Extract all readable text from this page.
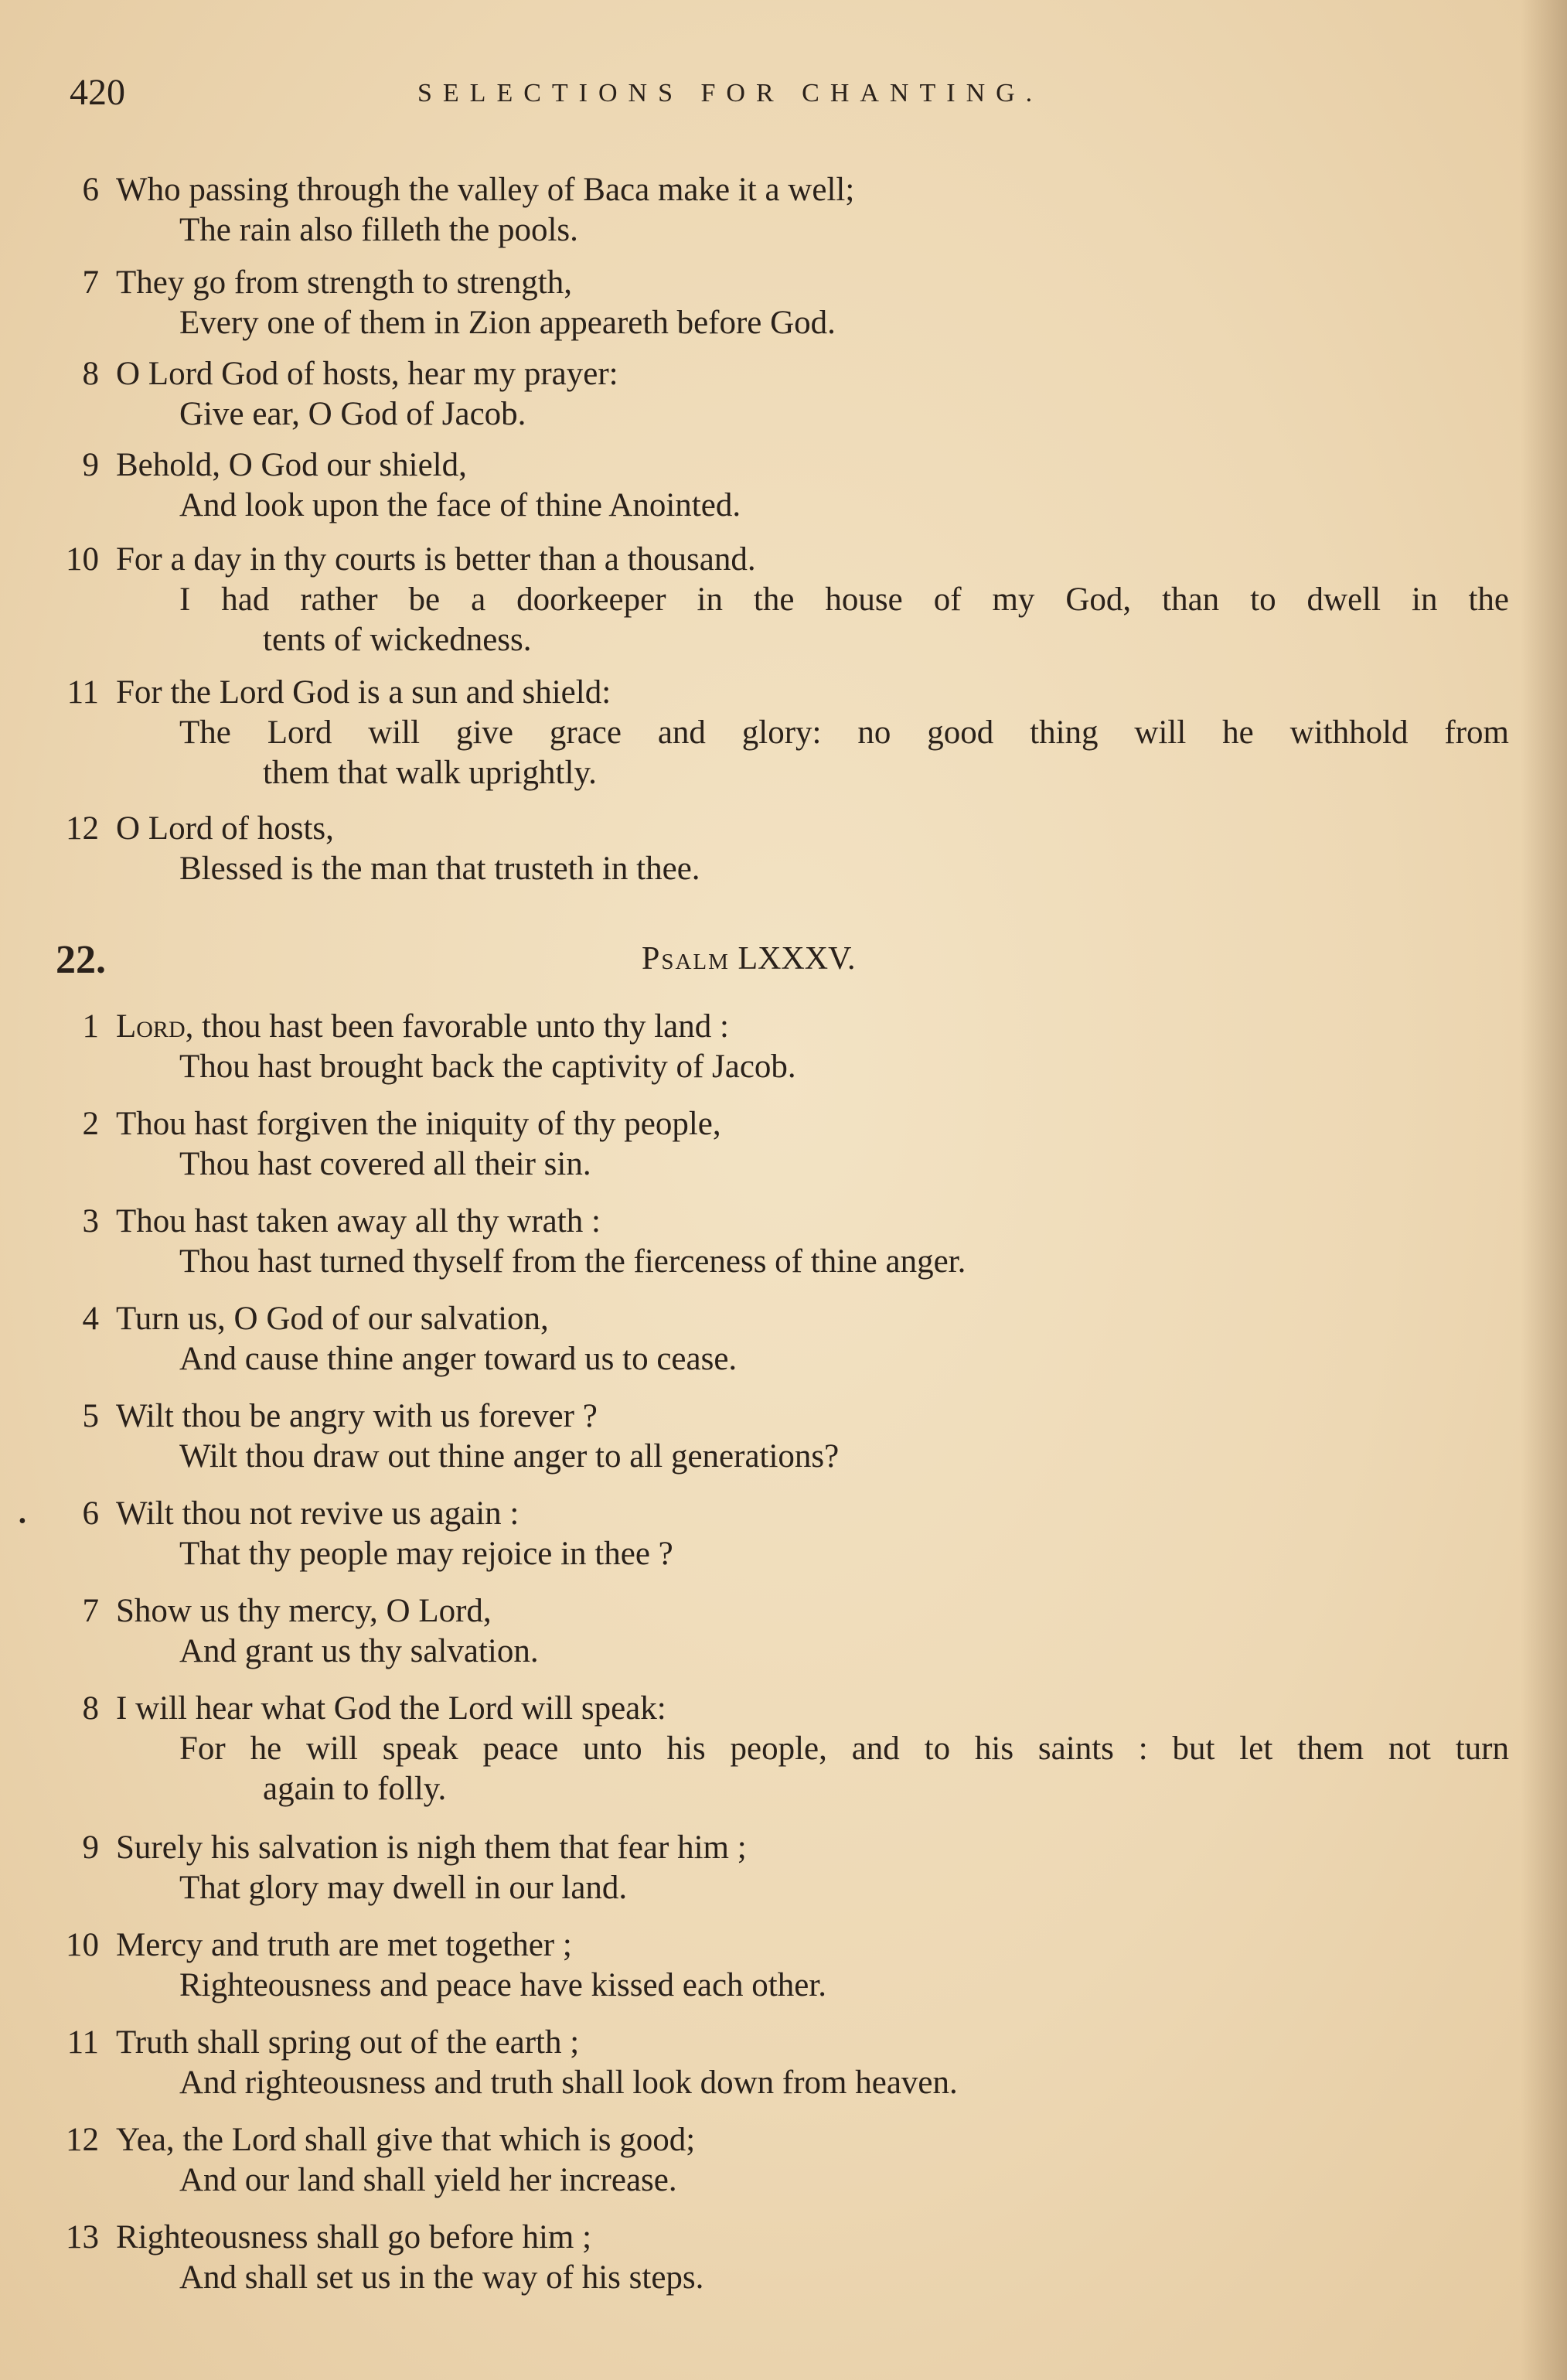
420	SELECTIONS FOR CHANTING.
6 Who passing through the valley of Baca make it a well;
The rain also filleth the pools.
7 They go from strength to strength,
Every one of them in Zion appeareth before God.
8 O Lord God of hosts, hear my prayer:
Give ear, O God of Jacob.
9 Behold, O God our shield,
And look upon the face of thine Anointed.
10 For a day in thy courts is better than a thousand.
I had rather be a doorkeeper in the house of my God, than to dwell in the
tents of wickedness.
11 For the Lord God is a sun and shield:
The Lord will give grace and glory: no good thing will he withhold from
them that walk uprightly.
12 O Lord of hosts,
Blessed is the man that trusteth in thee.
22.	Psalm LXXXV.
1 Lord, thou hast been favorable unto thy land :
Thou hast brought back the captivity of Jacob.
2 Thou hast forgiven the iniquity of thy people,
Thou hast covered all their sin.
3 Thou hast taken away all thy wrath :
Thou hast turned thyself from the fierceness of thine anger.
4 Turn us, O God of our salvation,
And cause thine anger toward us to cease.
5 Wilt thou be angry with us forever ?
Wilt thou draw out thine anger to all generations?
•	6 Wilt thou not revive us again :
That thy people may rejoice in thee ?
7 Show us thy mercy, O Lord,
And grant us thy salvation.
8 I will hear what God the Lord will speak:
For he will speak peace unto his people, and to his saints : but let them not turn
again to folly.
9 Surely his salvation is nigh them that fear him ;
That glory may dwell in our land.
10 Mercy and truth are met together ;
Righteousness and peace have kissed each other.
11 Truth shall spring out of the earth ;
And righteousness and truth shall look down from heaven.
12 Yea, the Lord shall give that which is good;
And our land shall yield her increase.
13 Righteousness shall go before him ;
And shall set us in the way of his steps.
